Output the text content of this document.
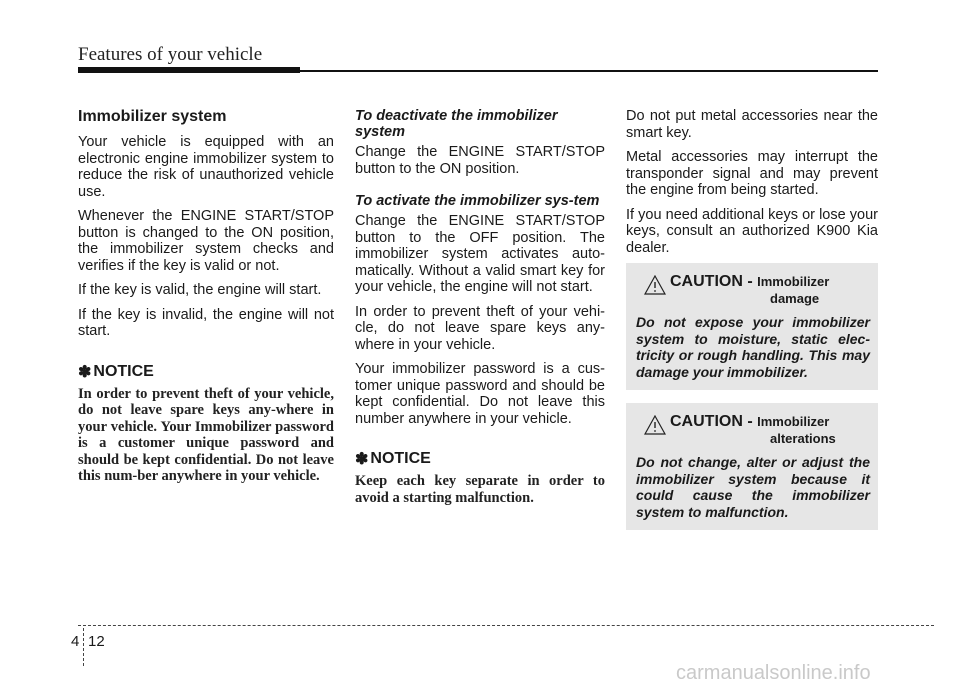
Features of your vehicle
Immobilizer system

Your vehicle is equipped with an electronic engine immobilizer system to reduce the risk of unauthorized vehicle use.

Whenever the ENGINE START/STOP button is changed to the ON position, the immobilizer system checks and verifies if the key is valid or not.

If the key is valid, the engine will start.

If the key is invalid, the engine will not start.

✽ NOTICE

In order to prevent theft of your vehicle, do not leave spare keys any-where in your vehicle. Your Immobilizer password is a customer unique password and should be kept confidential. Do not leave this num-ber anywhere in your vehicle.

To deactivate the immobilizer system

Change the ENGINE START/STOP button to the ON position.

To activate the immobilizer sys-tem

Change the ENGINE START/STOP button to the OFF position. The immobilizer system activates auto-matically. Without a valid smart key for your vehicle, the engine will not start.

In order to prevent theft of your vehi-cle, do not leave spare keys any-where in your vehicle.

Your immobilizer password is a cus-tomer unique password and should be kept confidential. Do not leave this number anywhere in your vehicle.

✽ NOTICE

Keep each key separate in order to avoid a starting malfunction.

Do not put metal accessories near the smart key.

Metal accessories may interrupt the transponder signal and may prevent the engine from being started.

If you need additional keys or lose your keys, consult an authorized K900 Kia dealer.

CAUTION - Immobilizer
damage

Do not expose your immobilizer system to moisture, static elec-tricity or rough handling. This may damage your immobilizer.

CAUTION - Immobilizer
alterations

Do not change, alter or adjust the immobilizer system because it could cause the immobilizer system to malfunction.

4 12
carmanualsonline.info
